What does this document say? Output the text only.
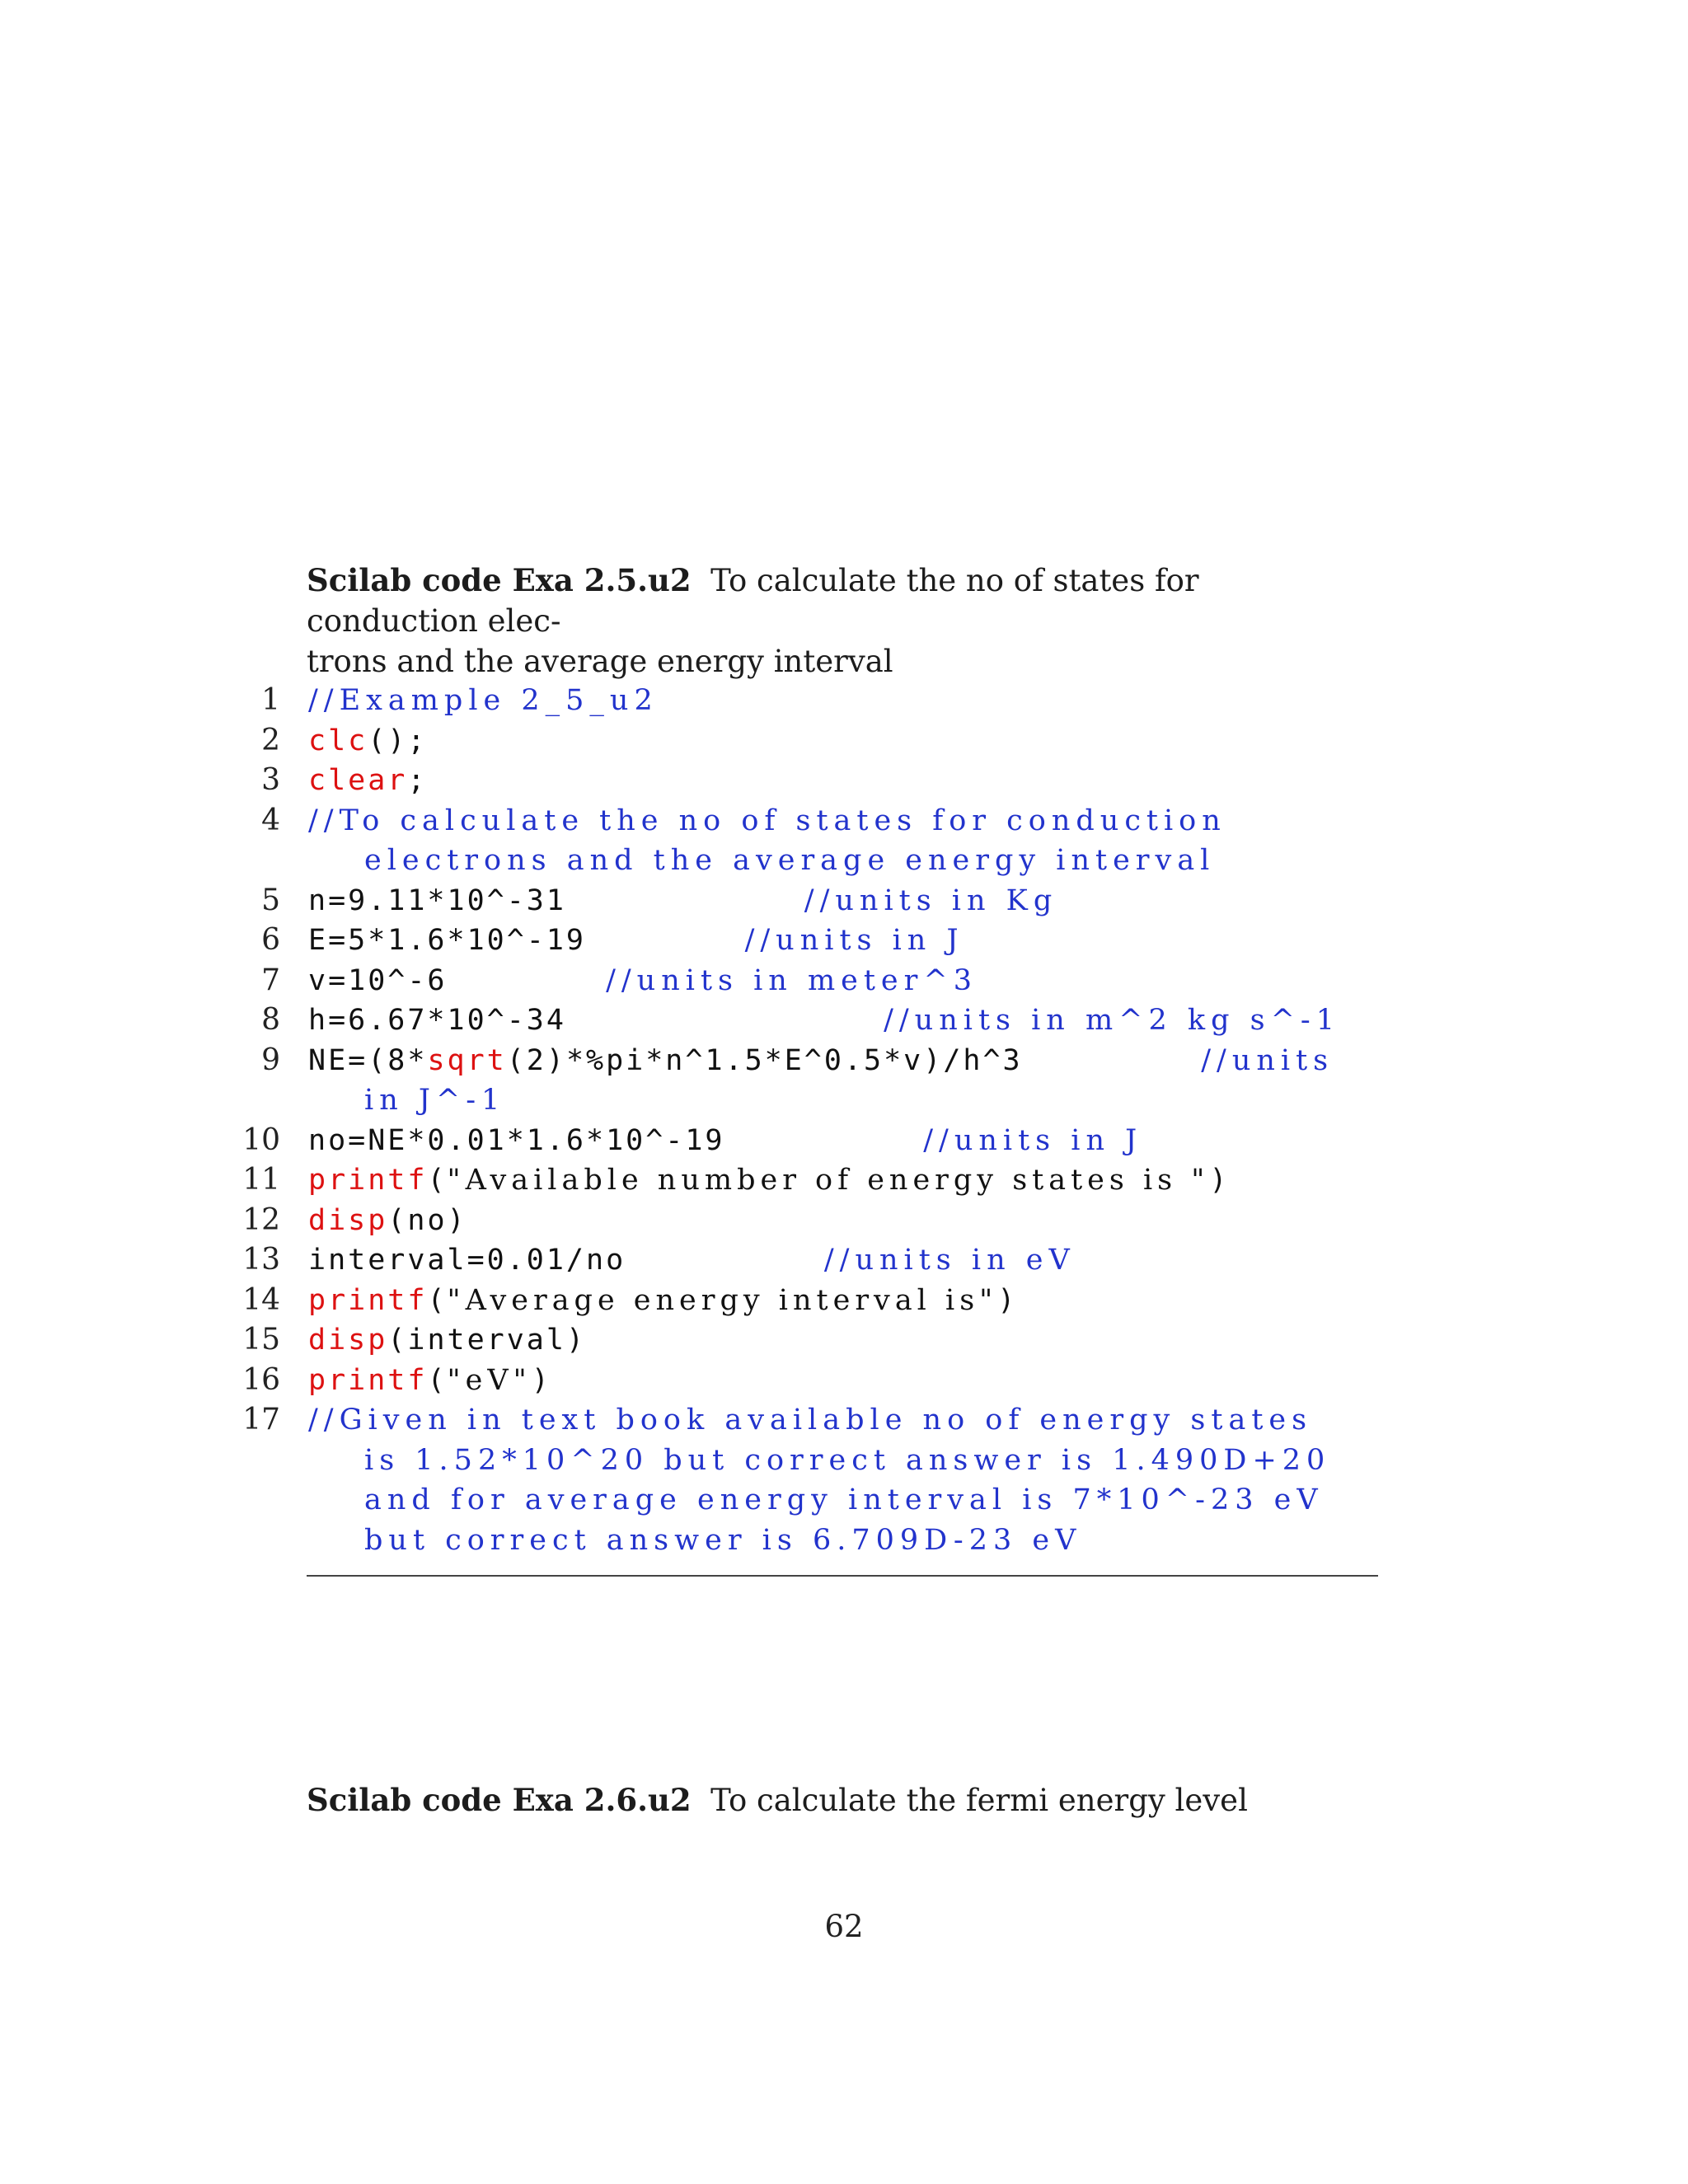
Scilab code Exa 2.5.u2 To calculate the no of states for conduction elec-
trons and the average energy interval
1 //Example 2_5_u2
2 clc();
3 clear;
4 //To calculate the no of states for conduction
electrons and the average energy interval
5 n=9.11*10^-31            //units in Kg
6 E=5*1.6*10^-19        //units in J
7 v=10^-6        //units in meter^3
8 h=6.67*10^-34                //units in m^2 kg s^-1
9 NE=(8*sqrt(2)*%pi*n^1.5*E^0.5*v)/h^3         //units
in J^-1
10 no=NE*0.01*1.6*10^-19          //units in J
11 printf("Available number of energy states is ")
12 disp(no)
13 interval=0.01/no          //units in eV
14 printf("Average energy interval is")
15 disp(interval)
16 printf("eV")
17 //Given in text book available no of energy states
is 1.52*10^20 but correct answer is 1.490D+20
and for average energy interval is 7*10^-23 eV
but correct answer is 6.709D-23 eV
Scilab code Exa 2.6.u2 To calculate the fermi energy level
62
